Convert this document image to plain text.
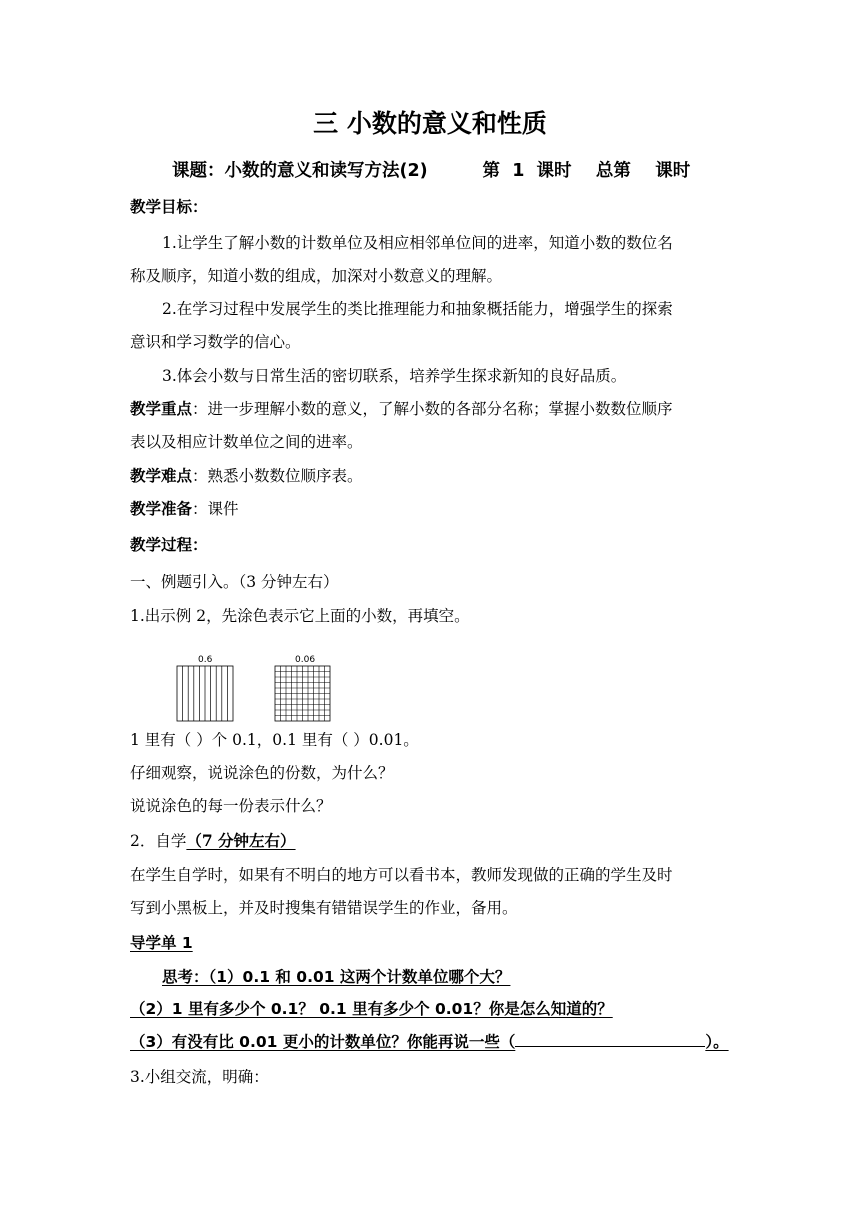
三 小数的意义和性质
课题：小数的意义和读写方法(2)         第  1  课时    总第    课时
教学目标：
1.让学生了解小数的计数单位及相应相邻单位间的进率，知道小数的数位名
称及顺序，知道小数的组成，加深对小数意义的理解。
2.在学习过程中发展学生的类比推理能力和抽象概括能力，增强学生的探索
意识和学习数学的信心。
3.体会小数与日常生活的密切联系，培养学生探求新知的良好品质。
教学重点：进一步理解小数的意义，了解小数的各部分名称；掌握小数数位顺序
表以及相应计数单位之间的进率。
教学难点：熟悉小数数位顺序表。
教学准备：课件
教学过程：
一、例题引入。（3 分钟左右）
1.出示例 2，先涂色表示它上面的小数，再填空。
0.6	0.06
1 里有（ ）个 0.1，0.1 里有（ ）0.01。
仔细观察，说说涂色的份数，为什么？
说说涂色的每一份表示什么？
2．自学（7 分钟左右）
在学生自学时，如果有不明白的地方可以看书本，教师发现做的正确的学生及时
写到小黑板上，并及时搜集有错错误学生的作业，备用。
导学单 1
思考：（1）0.1 和 0.01 这两个计数单位哪个大？
（2）1 里有多少个 0.1？ 0.1 里有多少个 0.01？你是怎么知道的？
（3）有没有比 0.01 更小的计数单位？你能再说一些（	）。
3.小组交流，明确：
